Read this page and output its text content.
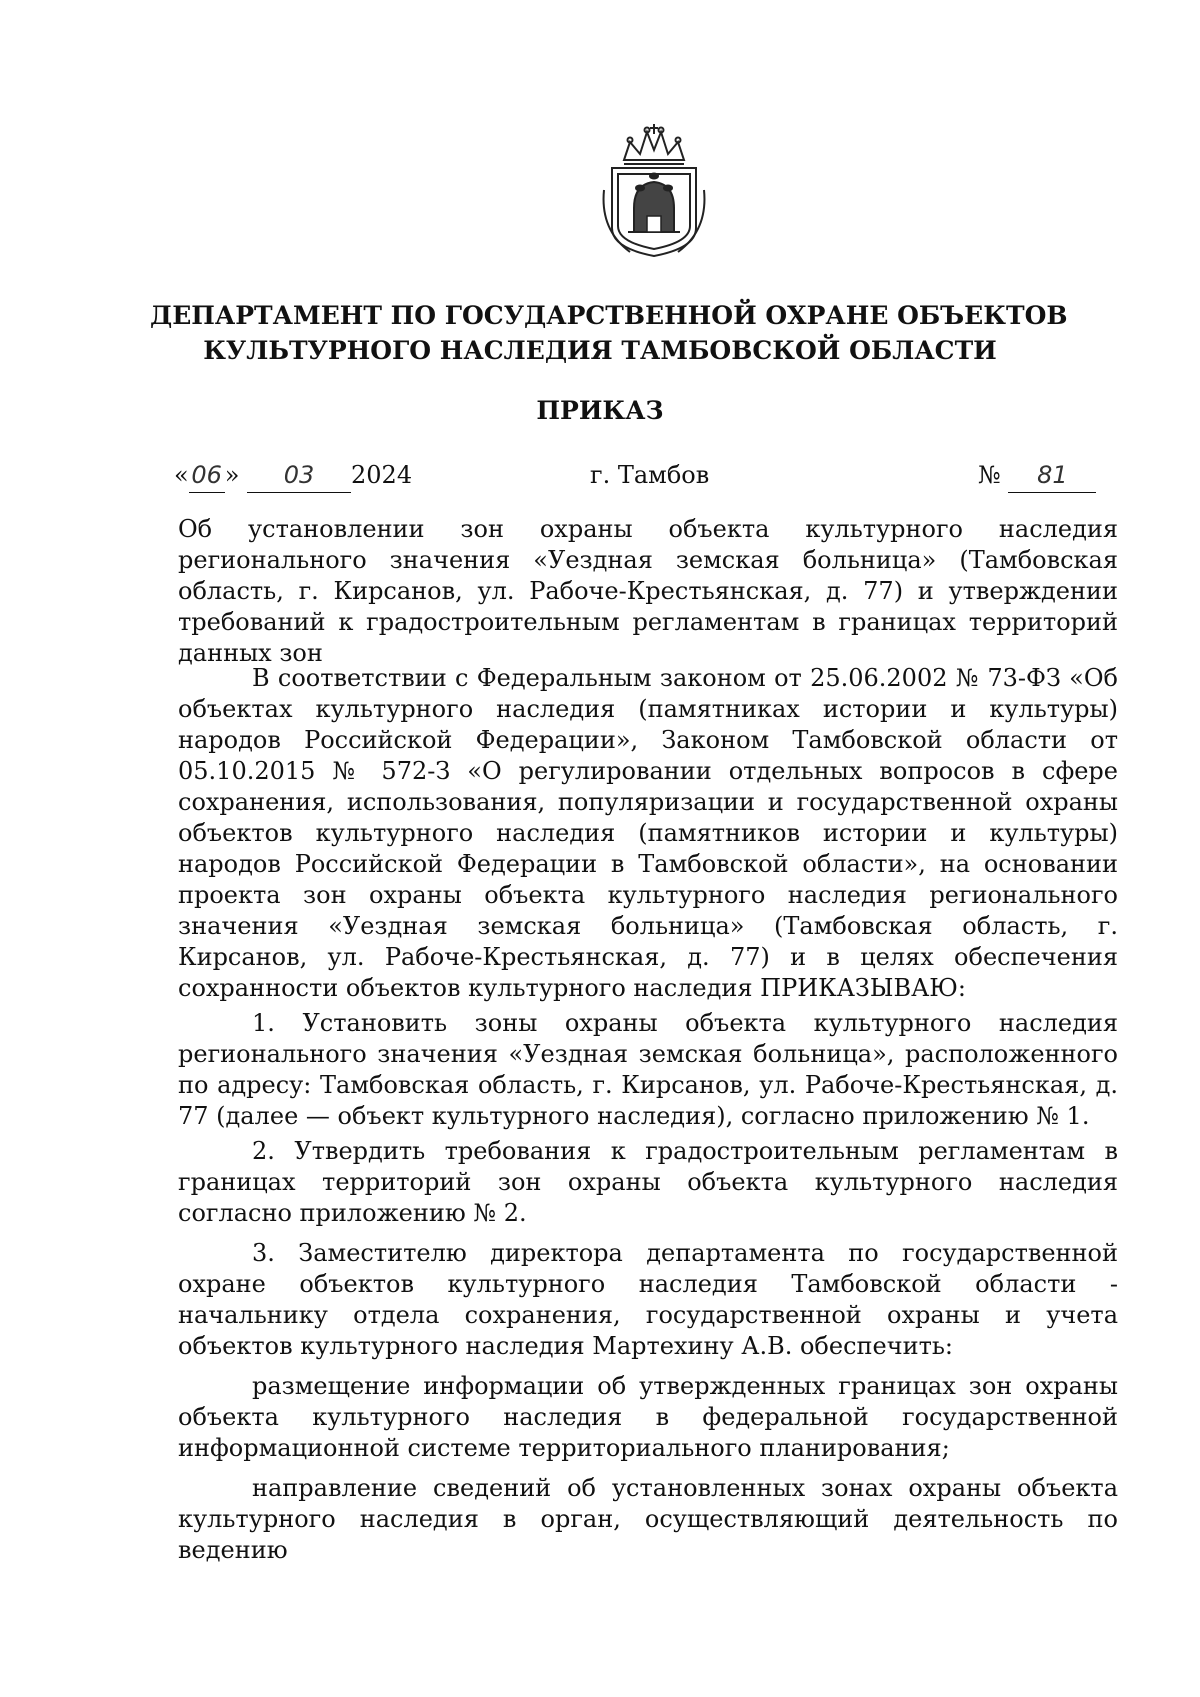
ДЕПАРТАМЕНТ ПО ГОСУДАРСТВЕННОЙ ОХРАНЕ ОБЪЕКТОВ
КУЛЬТУРНОГО НАСЛЕДИЯ ТАМБОВСКОЙ ОБЛАСТИ
ПРИКАЗ
« 06 » 03 2024	г. Тамбов	№ 81
Об установлении зон охраны объекта культурного наследия регионального значения «Уездная земская больница» (Тамбовская область, г. Кирсанов, ул. Рабоче-Крестьянская, д. 77) и утверждении требований к градостроительным регламентам в границах территорий данных зон

В соответствии с Федеральным законом от 25.06.2002 № 73-ФЗ «Об объектах культурного наследия (памятниках истории и культуры) народов Российской Федерации», Законом Тамбовской области от 05.10.2015 № 572-З «О регулировании отдельных вопросов в сфере сохранения, использования, популяризации и государственной охраны объектов культурного наследия (памятников истории и культуры) народов Российской Федерации в Тамбовской области», на основании проекта зон охраны объекта культурного наследия регионального значения «Уездная земская больница» (Тамбовская область, г. Кирсанов, ул. Рабоче-Крестьянская, д. 77) и в целях обеспечения сохранности объектов культурного наследия ПРИКАЗЫВАЮ:

1. Установить зоны охраны объекта культурного наследия регионального значения «Уездная земская больница», расположенного по адресу: Тамбовская область, г. Кирсанов, ул. Рабоче-Крестьянская, д. 77 (далее — объект культурного наследия), согласно приложению № 1.

2. Утвердить требования к градостроительным регламентам в границах территорий зон охраны объекта культурного наследия согласно приложению № 2.

3. Заместителю директора департамента по государственной охране объектов культурного наследия Тамбовской области - начальнику отдела сохранения, государственной охраны и учета объектов культурного наследия Мартехину А.В. обеспечить:

размещение информации об утвержденных границах зон охраны объекта культурного наследия в федеральной государственной информационной системе территориального планирования;

направление сведений об установленных зонах охраны объекта культурного наследия в орган, осуществляющий деятельность по ведению
